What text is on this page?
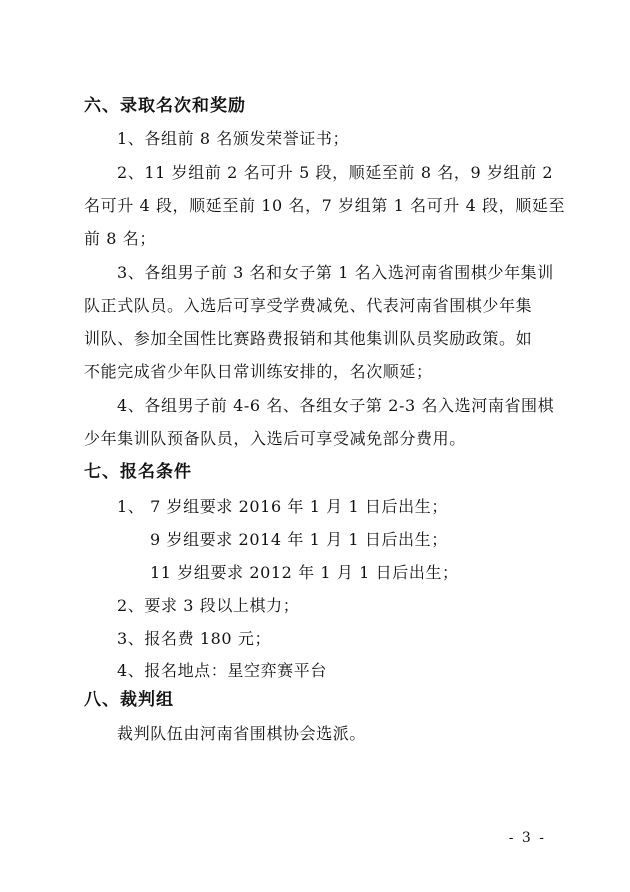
六、录取名次和奖励
1、各组前 8 名颁发荣誉证书；
2、11 岁组前 2 名可升 5 段，顺延至前 8 名，9 岁组前 2
名可升 4 段，顺延至前 10 名，7 岁组第 1 名可升 4 段，顺延至
前 8 名；
3、各组男子前 3 名和女子第 1 名入选河南省围棋少年集训
队正式队员。入选后可享受学费减免、代表河南省围棋少年集
训队、参加全国性比赛路费报销和其他集训队员奖励政策。如
不能完成省少年队日常训练安排的，名次顺延；
4、各组男子前 4-6 名、各组女子第 2-3 名入选河南省围棋
少年集训队预备队员，入选后可享受减免部分费用。
七、报名条件
1、 7 岁组要求 2016 年 1 月 1 日后出生；
9 岁组要求 2014 年 1 月 1 日后出生；
11 岁组要求 2012 年 1 月 1 日后出生；
2、要求 3 段以上棋力；
3、报名费 180 元；
4、报名地点：星空弈赛平台
八、裁判组
裁判队伍由河南省围棋协会选派。
- 3 -
